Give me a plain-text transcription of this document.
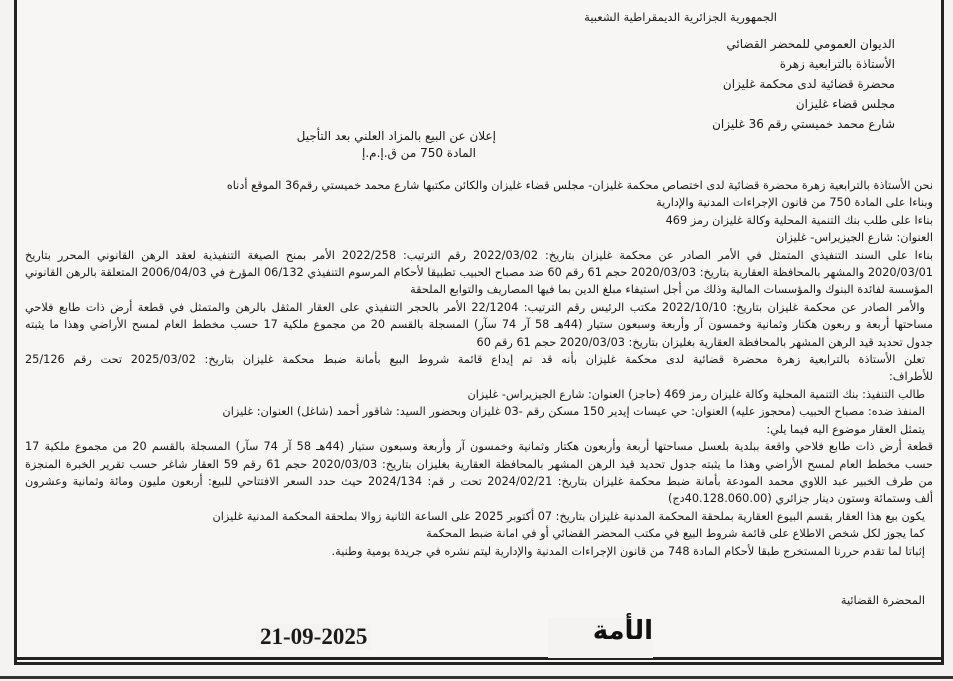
الجمهورية الجزائرية الديمقراطية الشعبية
الديوان العمومي للمحضر القضائي
الأستاذة بالترابعية زهرة
محضرة قضائية لدى محكمة غليزان
مجلس قضاء غليزان
شارع محمد خميستي رقم 36 غليزان
إعلان عن البيع بالمزاد العلني بعد التأجيل
المادة 750 من ق.إ.م.إ
نحن الأستاذة بالترابعية زهرة محضرة قضائية لدى اختصاص محكمة غليزان- مجلس قضاء غليزان والكائن مكتبها شارع محمد خميستي رقم36 الموقع أدناه
وبناءا على المادة 750 من قانون الإجراءات المدنية والإدارية
بناءا على طلب بنك التنمية المحلية وكالة غليزان رمز 469
العنوان: شارع الجيزيراس- غليزان
بناءا على السند التنفيذي المتمثل في الأمر الصادر عن محكمة غليزان بتاريخ: 2022/03/02 رقم الترتيب: 2022/258 الأمر بمنح الصيغة التنفيذية لعقد الرهن القانوني المحرر بتاريخ
2020/03/01 والمشهر بالمحافظة العقارية بتاريخ: 2020/03/03 حجم 61 رقم 60 ضد مصباح الحبيب تطبيقا لأحكام المرسوم التنفيذي 06/132 المؤرخ في 2006/04/03 المتعلقة بالرهن القانوني
المؤسسة لفائدة البنوك والمؤسسات المالية وذلك من أجل استيفاء مبلغ الدين بما فيها المصاريف والتوابع الملحقة
والأمر الصادر عن محكمة غليزان بتاريخ: 2022/10/10 مكتب الرئيس رقم الترتيب: 22/1204 الأمر بالحجر التنفيذي على العقار المثقل بالرهن والمتمثل في قطعة أرض ذات طابع فلاحي
مساحتها أربعة و ربعون هكتار وثمانية وخمسون آر وأربعة وسبعون ستيار (44هـ 58 آر 74 سآر) المسجلة بالقسم 20 من مجموع ملكية 17 حسب مخطط العام لمسح الأراضي وهذا ما يثبته
جدول تحديد قيد الرهن المشهر بالمحافظة العقارية بغليزان بتاريخ: 2020/03/03 حجم 61 رقم 60
تعلن الأستاذة بالترابعية زهرة محضرة قضائية لدى محكمة غليزان بأنه قد تم إيداع قائمة شروط البيع بأمانة ضبط محكمة غليزان بتاريخ: 2025/03/02 تحت رقم 25/126
للأطراف:
طالب التنفيذ: بنك التنمية المحلية وكالة غليزان رمز 469 (حاجز) العنوان: شارع الجيزيراس- غليزان
المنفذ ضده: مصباح الحبيب (محجوز عليه) العنوان: حي عيسات إيدير 150 مسكن رقم -03 غليزان وبحضور السيد: شاقور أحمد (شاغل) العنوان: غليزان
يتمثل العقار موضوع اليه فيما يلي:
قطعة أرض ذات طابع فلاحي واقعة ببلدية بلعسل مساحتها أربعة وأربعون هكتار وثمانية وخمسون آر وأربعة وسبعون ستيار (44هـ 58 آر 74 سآر) المسجلة بالقسم 20 من مجموع ملكية 17
حسب مخطط العام لمسح الأراضي وهذا ما يثبته جدول تحديد قيد الرهن المشهر بالمحافظة العقارية بغليزان بتاريخ: 2020/03/03 حجم 61 رقم 59 العقار شاغر حسب تقرير الخبرة المنجزة
من طرف الخبير عبد اللاوي محمد المودعة بأمانة ضبط محكمة غليزان بتاريخ: 2024/02/21 تحت ر قم: 2024/134 حيث حدد السعر الافتتاحي للبيع: أربعون مليون ومائة وثمانية وعشرون
ألف وستمائة وستون دينار جزائري (40.128.060.00دج)
يكون بيع هذا العقار بقسم البيوع العقارية بملحقة المحكمة المدنية غليزان بتاريخ: 07 أكتوبر 2025 على الساعة الثانية زوالا بملحقة المحكمة المدنية غليزان
كما يجوز لكل شخص الاطلاع على قائمة شروط البيع في مكتب المحضر القضائي أو في امانة ضبط المحكمة
إثباتا لما تقدم حررنا المستخرج طبقا لأحكام المادة 748 من قانون الإجراءات المدنية والإدارية ليتم نشره في جريدة يومية وطنية.
المحضرة القضائية
21-09-2025	الأمة
